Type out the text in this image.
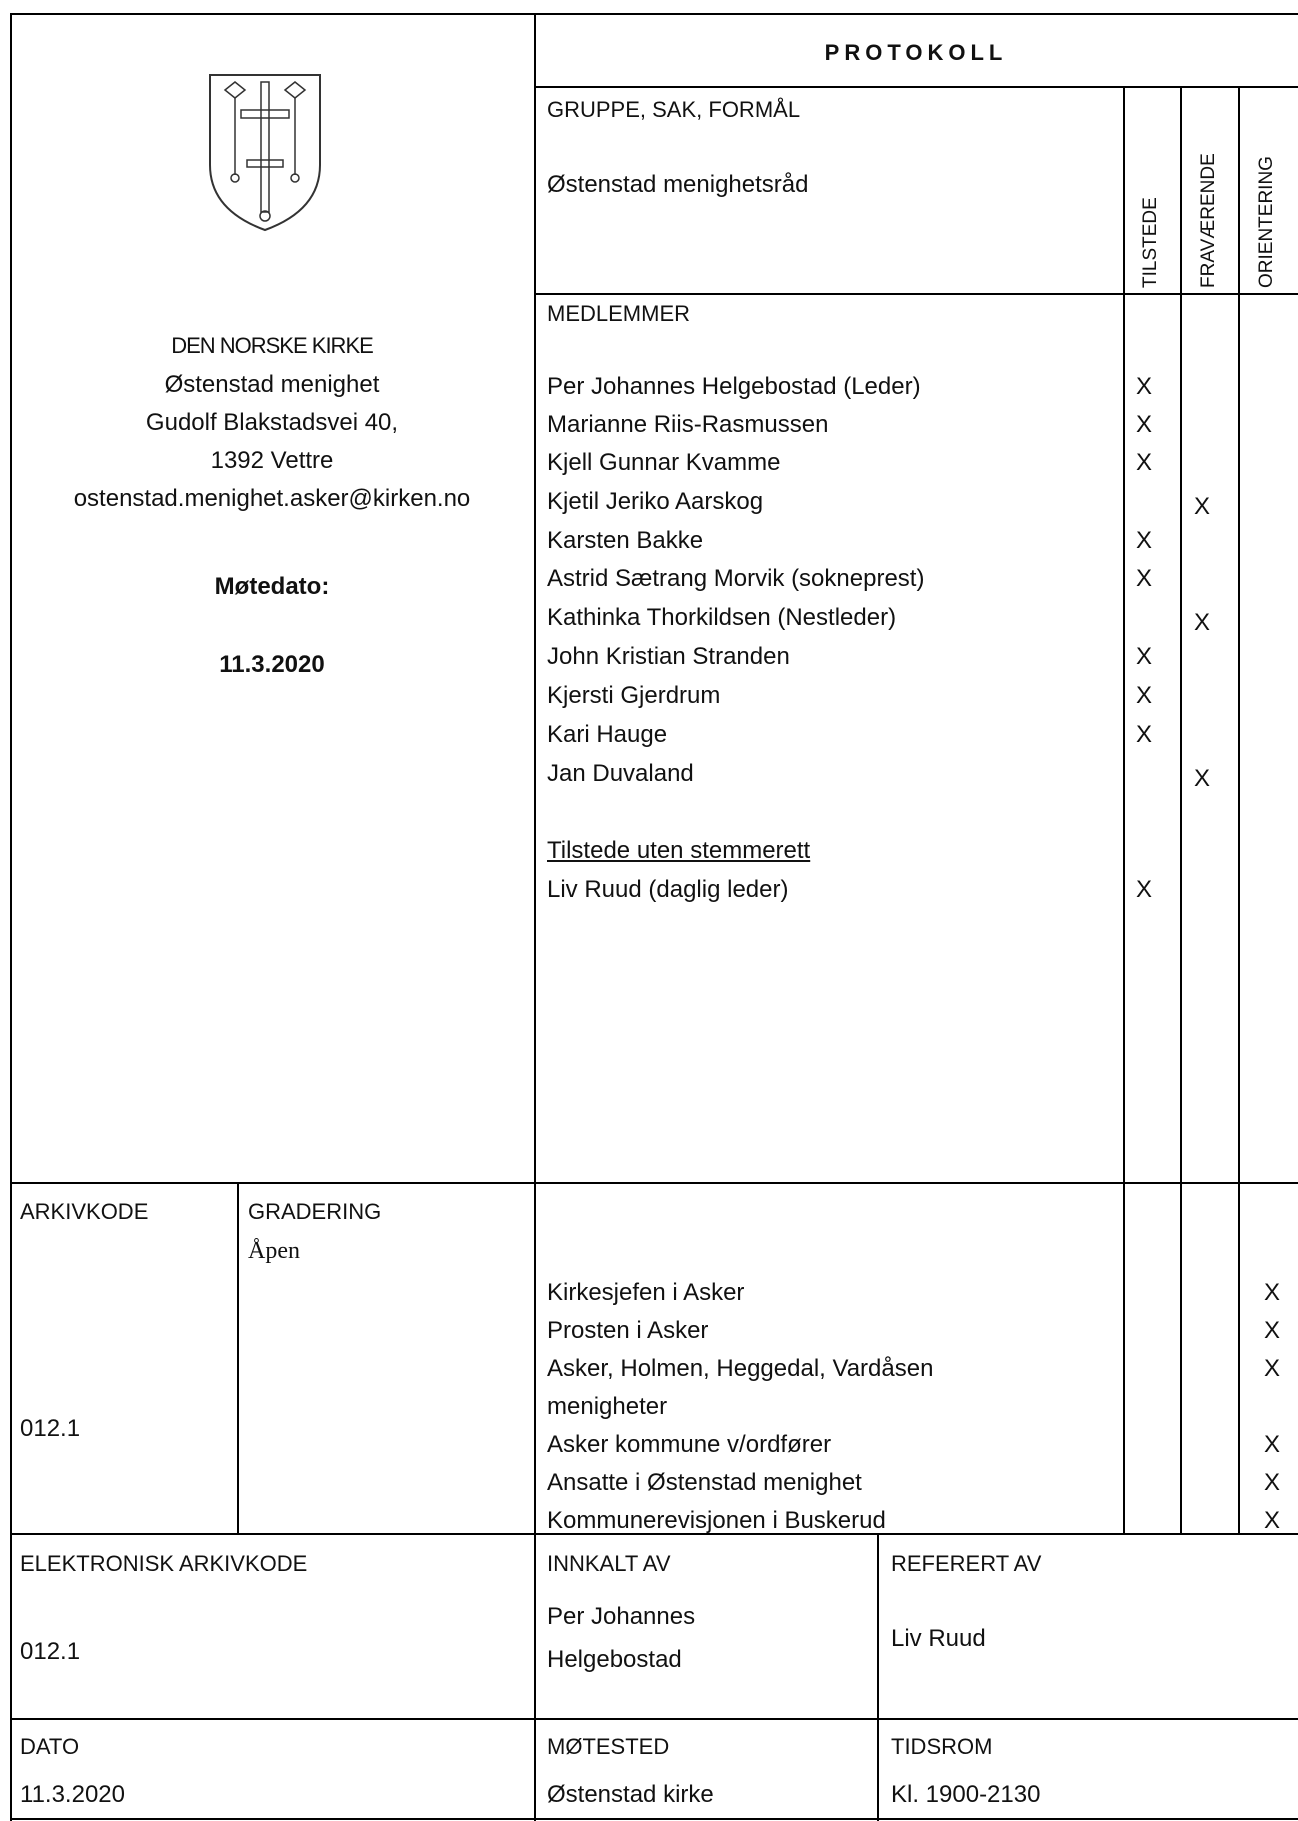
DEN NORSKE KIRKE
Østenstad menighet
Gudolf Blakstadsvei 40,
1392 Vettre
ostenstad.menighet.asker@kirken.no
Møtedato:
11.3.2020
PROTOKOLL
GRUPPE, SAK, FORMÅL
Østenstad menighetsråd
TILSTEDE FRAVÆRENDE ORIENTERING
MEDLEMMER
Per Johannes Helgebostad (Leder)
Marianne Riis-Rasmussen
Kjell Gunnar Kvamme
Kjetil Jeriko Aarskog
Karsten Bakke
Astrid Sætrang Morvik (sokneprest)
Kathinka Thorkildsen (Nestleder)
John Kristian Stranden
Kjersti Gjerdrum
Kari Hauge
Jan Duvaland
Tilstede uten stemmerett
Liv Ruud (daglig leder)
X
X
X
X
X
X
X
X
X
X
X
X
ARKIVKODE
012.1
GRADERING
Åpen
Kirkesjefen i Asker
Prosten i Asker
Asker, Holmen, Heggedal, Vardåsen
menigheter
Asker kommune v/ordfører
Ansatte i Østenstad menighet
Kommunerevisjonen i Buskerud
X
X
X
X
X
X
ELEKTRONISK ARKIVKODE
012.1
INNKALT AV
Per Johannes
Helgebostad
REFERERT AV
Liv Ruud
DATO
11.3.2020
MØTESTED
Østenstad kirke
TIDSROM
Kl. 1900-2130
